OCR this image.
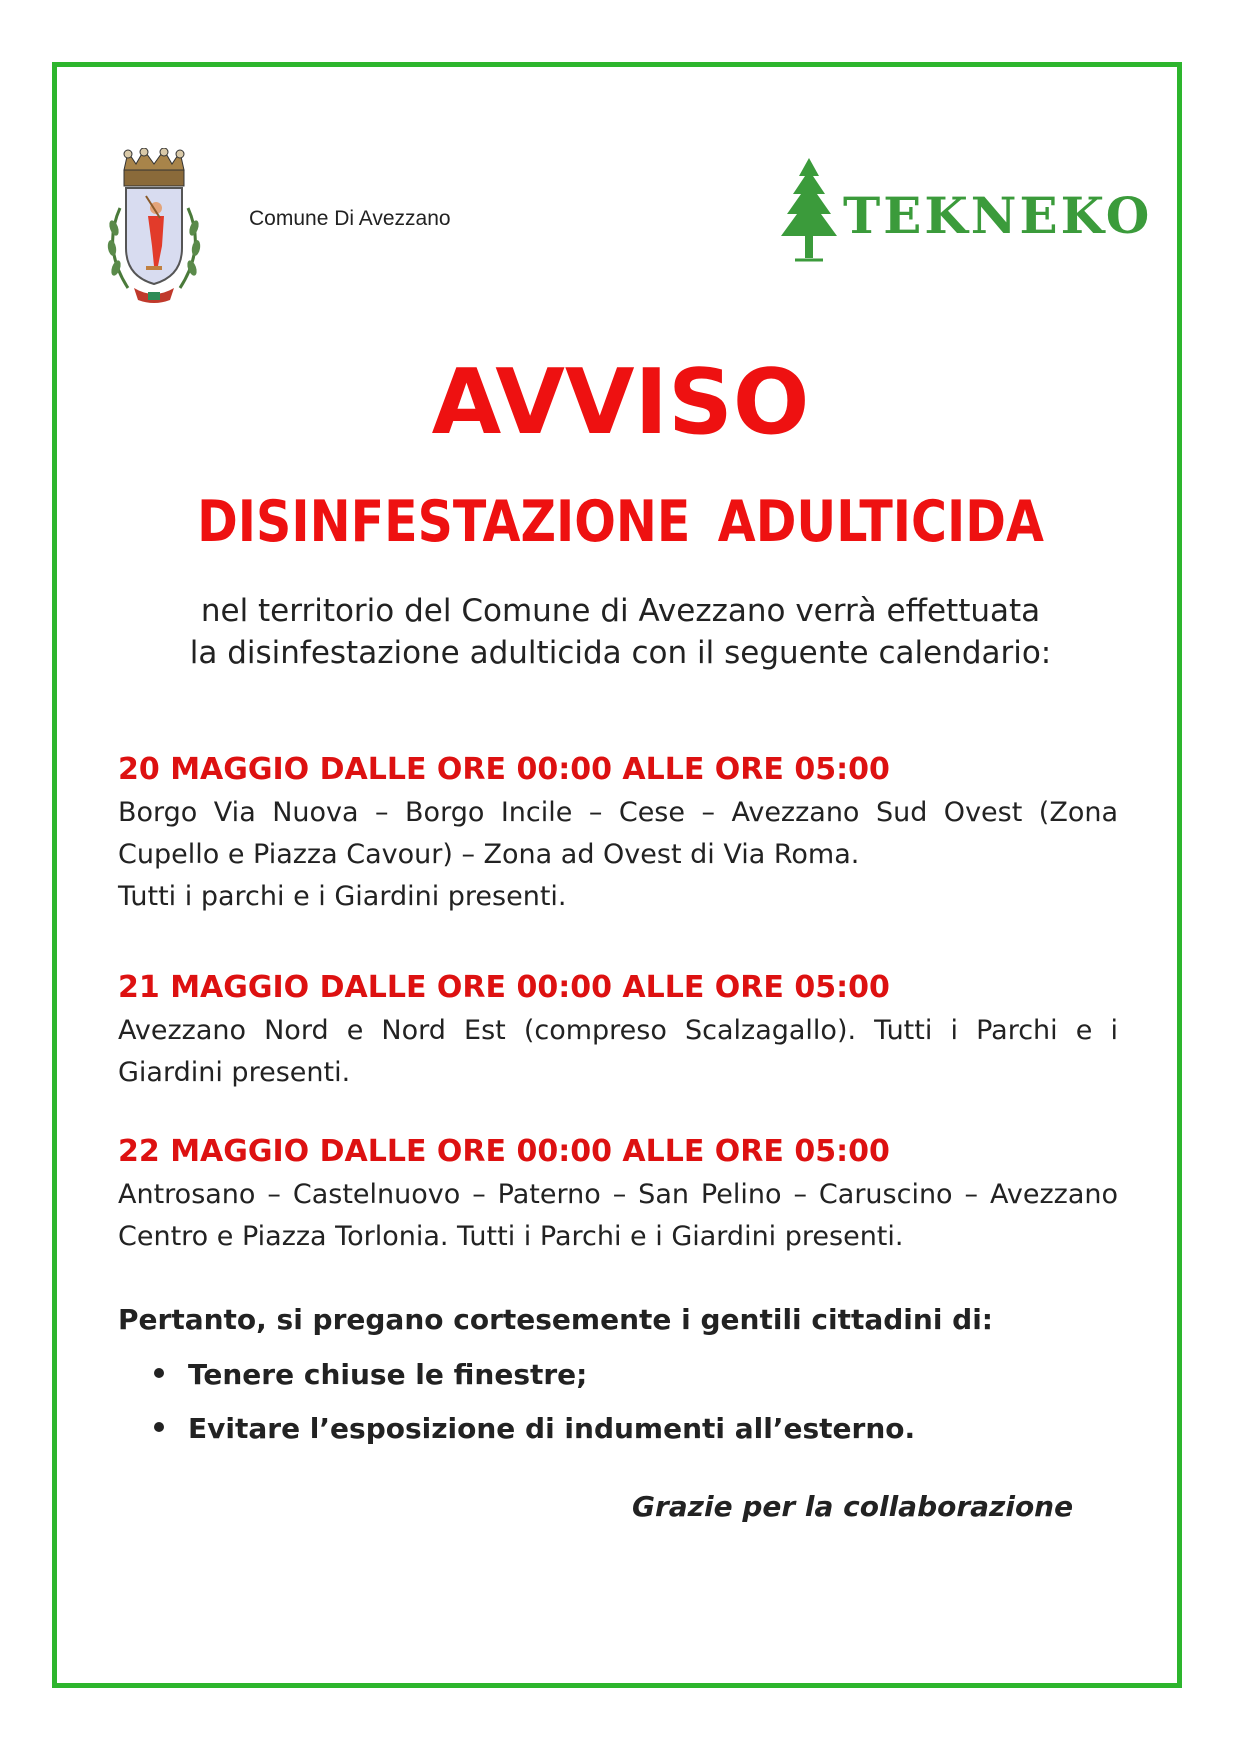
Comune Di Avezzano	TEKNEKO
AVVISO
DISINFESTAZIONE ADULTICIDA
nel territorio del Comune di Avezzano verrà effettuata
la disinfestazione adulticida con il seguente calendario:
20 MAGGIO DALLE ORE 00:00 ALLE ORE 05:00
Borgo Via Nuova – Borgo Incile – Cese – Avezzano Sud Ovest (Zona
Cupello e Piazza Cavour) – Zona ad Ovest di Via Roma.
Tutti i parchi e i Giardini presenti.
21 MAGGIO DALLE ORE 00:00 ALLE ORE 05:00
Avezzano Nord e Nord Est (compreso Scalzagallo). Tutti i Parchi e i
Giardini presenti.
22 MAGGIO DALLE ORE 00:00 ALLE ORE 05:00
Antrosano – Castelnuovo – Paterno – San Pelino – Caruscino – Avezzano
Centro e Piazza Torlonia. Tutti i Parchi e i Giardini presenti.
Pertanto, si pregano cortesemente i gentili cittadini di:
Tenere chiuse le finestre;
Evitare l’esposizione di indumenti all’esterno.
Grazie per la collaborazione
